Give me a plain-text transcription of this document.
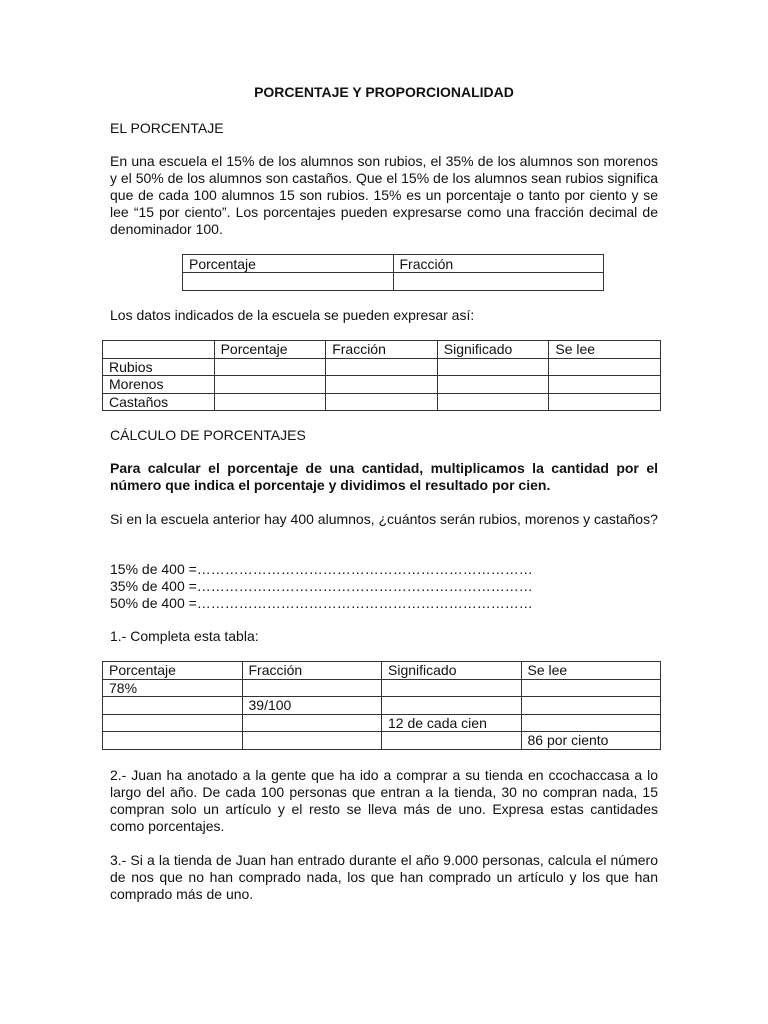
PORCENTAJE Y PROPORCIONALIDAD
EL PORCENTAJE
En una escuela el 15% de los alumnos son rubios, el 35% de los alumnos son morenos y el 50% de los alumnos son castaños. Que el 15% de los alumnos sean rubios significa que de cada 100 alumnos 15 son rubios. 15% es un porcentaje o tanto por ciento y se lee “15 por ciento”. Los porcentajes pueden expresarse como una fracción decimal de denominador 100.
Porcentaje	Fracción

Los datos indicados de la escuela se pueden expresar así:
	Porcentaje	Fracción	Significado	Se lee
Rubios				
Morenos				
Castaños				
CÁLCULO DE PORCENTAJES
Para calcular el porcentaje de una cantidad, multiplicamos la cantidad por el número que indica el porcentaje y dividimos el resultado por cien.
Si en la escuela anterior hay 400 alumnos, ¿cuántos serán rubios, morenos y castaños?
15% de 400 =………………………………………………………………
35% de 400 =………………………………………………………………
50% de 400 =………………………………………………………………
1.- Completa esta tabla:
Porcentaje	Fracción	Significado	Se lee
78%			
	39/100		
		12 de cada cien	
			86 por ciento
2.- Juan ha anotado a la gente que ha ido a comprar a su tienda en ccochaccasa a lo largo del año. De cada 100 personas que entran a la tienda, 30 no compran nada, 15 compran solo un artículo y el resto se lleva más de uno. Expresa estas cantidades como porcentajes.
3.- Si a la tienda de Juan han entrado durante el año 9.000 personas, calcula el número de nos que no han comprado nada, los que han comprado un artículo y los que han comprado más de uno.
